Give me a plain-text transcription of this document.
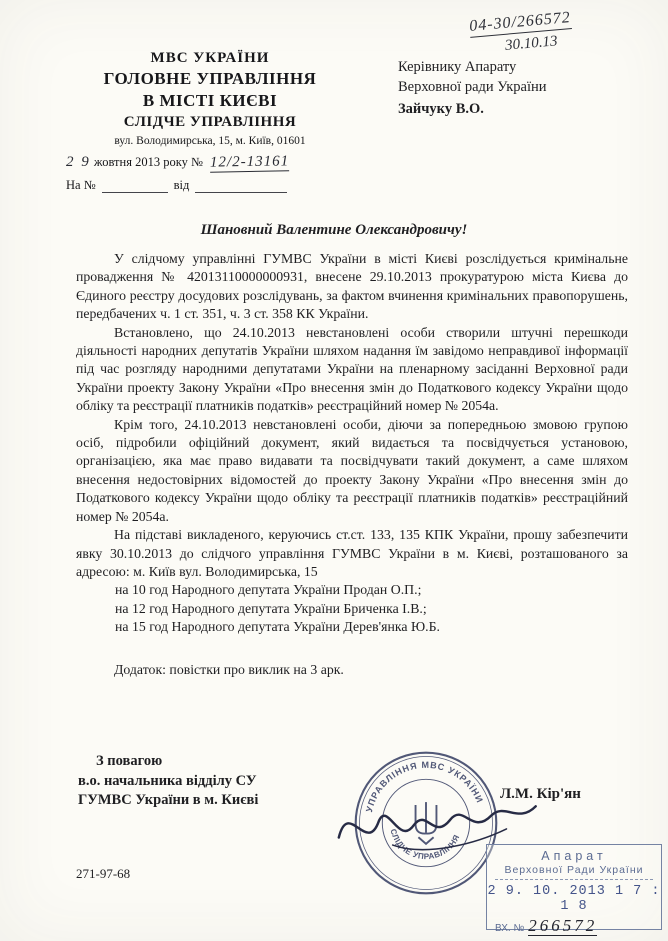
04-30/266572
30.10.13
МВС УКРАЇНИ
ГОЛОВНЕ УПРАВЛІННЯ
В МІСТІ КИЄВІ
СЛІДЧЕ УПРАВЛІННЯ
вул. Володимирська, 15, м. Київ, 01601
2 9 жовтня 2013 року № 12/2-13161
На №	від
Керівнику Апарату
Верховної ради України
Зайчуку В.О.
Шановний Валентине Олександровичу!

У слідчому управлінні ГУМВС України в місті Києві розслідується кримінальне провадження № 42013110000000931, внесене 29.10.2013 прокуратурою міста Києва до Єдиного реєстру досудових розслідувань, за фактом вчинення кримінальних правопорушень, передбачених ч. 1 ст. 351, ч. 3 ст. 358 КК України.

Встановлено, що 24.10.2013 невстановлені особи створили штучні перешкоди діяльності народних депутатів України шляхом надання їм завідомо неправдивої інформації під час розгляду народними депутатами України на пленарному засіданні Верховної ради України проекту Закону України «Про внесення змін до Податкового кодексу України щодо обліку та реєстрації платників податків» реєстраційний номер № 2054а.

Крім того, 24.10.2013 невстановлені особи, діючи за попередньою змовою групою осіб, підробили офіційний документ, який видається та посвідчується установою, організацією, яка має право видавати та посвідчувати такий документ, а саме шляхом внесення недостовірних відомостей до проекту Закону України «Про внесення змін до Податкового кодексу України щодо обліку та реєстрації платників податків» реєстраційний номер № 2054а.

На підставі викладеного, керуючись ст.ст. 133, 135 КПК України, прошу забезпечити явку 30.10.2013 до слідчого управління ГУМВС України в м. Києві, розташованого за адресою: м. Київ вул. Володимирська, 15

на 10 год Народного депутата України Продан О.П.;
на 12 год Народного депутата України Бриченка І.В.;
на 15 год Народного депутата України Дерев'янка Ю.Б.

Додаток: повістки про виклик на 3 арк.

З повагою
в.о. начальника відділу СУ
ГУМВС України в м. Києві	Л.М. Кір'ян
271-97-68
УПРАВЛІННЯ МВС УКРАЇНИ
СЛІДЧЕ УПРАВЛІННЯ
Апарат
Верховної Ради України
2 9. 10. 2013 1 7 : 1 8
ВХ. № 266572
